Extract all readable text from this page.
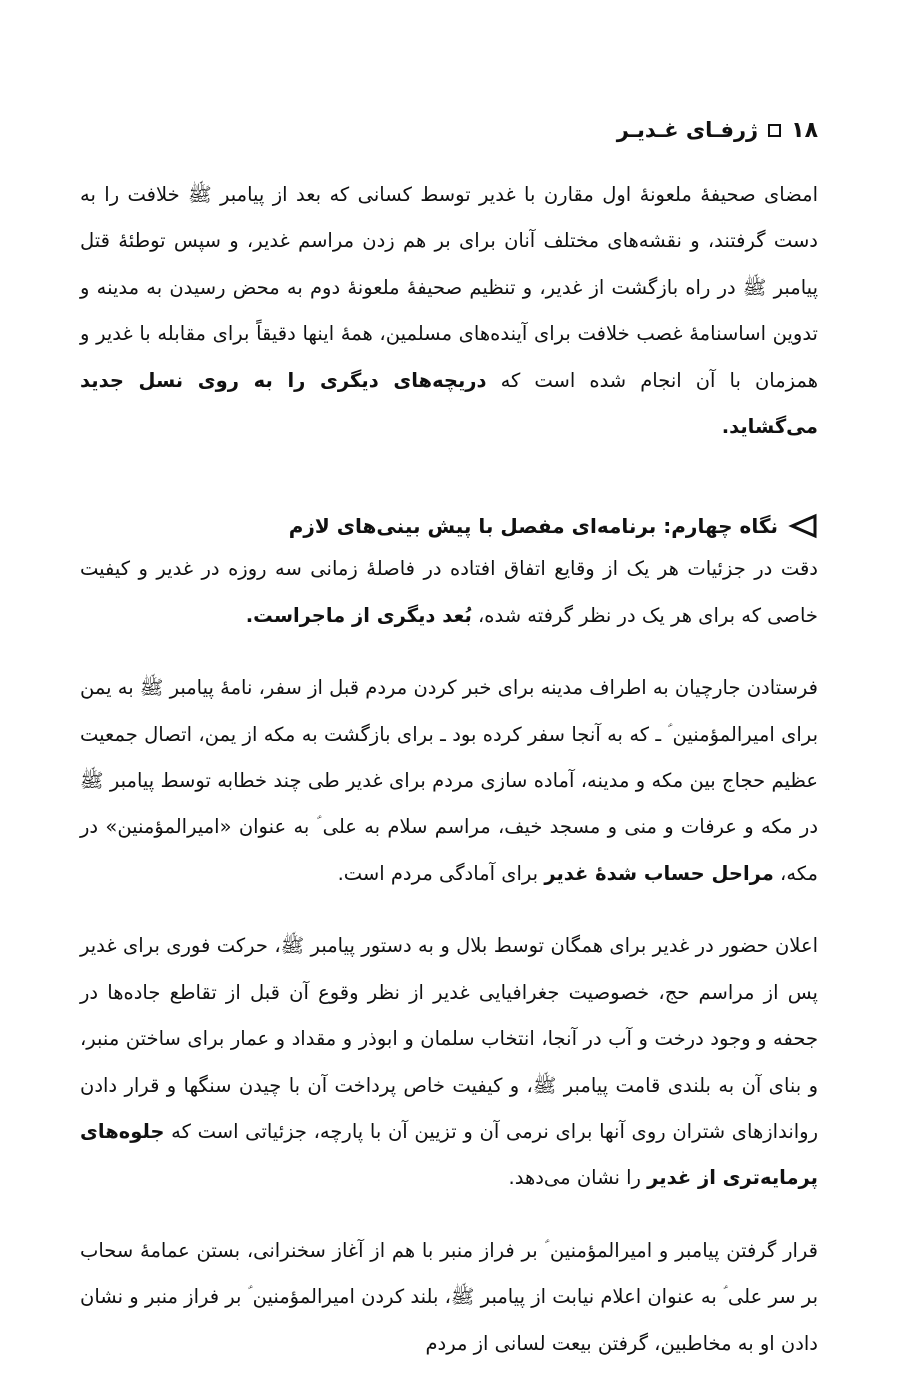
۱۸
ژرفـای غـدیـر

امضای صحیفهٔ ملعونهٔ اول مقارن با غدیر توسط کسانی که بعد از پیامبر ﷺ خلافت را به دست گرفتند، و نقشه‌های مختلف آنان برای بر هم زدن مراسم غدیر، و سپس توطئهٔ قتل پیامبر ﷺ در راه بازگشت از غدیر، و تنظیم صحیفهٔ ملعونهٔ دوم به محض رسیدن به مدینه و تدوین اساسنامهٔ غصب خلافت برای آینده‌های مسلمین، همهٔ اینها دقیقاً برای مقابله با غدیر و همزمان با آن انجام شده است که دریچه‌های دیگری را به روی نسل جدید می‌گشاید.

نگاه چهارم: برنامه‌ای مفصل با پیش بینی‌های لازم

دقت در جزئیات هر یک از وقایع اتفاق افتاده در فاصلهٔ زمانی سه روزه در غدیر و کیفیت خاصی که برای هر یک در نظر گرفته شده، بُعد دیگری از ماجراست.

فرستادن جارچیان به اطراف مدینه برای خبر کردن مردم قبل از سفر، نامهٔ پیامبر ﷺ به یمن برای امیرالمؤمنین ؑ ـ که به آنجا سفر کرده بود ـ برای بازگشت به مکه از یمن، اتصال جمعیت عظیم حجاج بین مکه و مدینه، آماده سازی مردم برای غدیر طی چند خطابه توسط پیامبر ﷺ در مکه و عرفات و منی و مسجد خیف، مراسم سلام به علی ؑ به عنوان «امیرالمؤمنین» در مکه، مراحل حساب شدهٔ غدیر برای آمادگی مردم است.

اعلان حضور در غدیر برای همگان توسط بلال و به دستور پیامبر ﷺ، حرکت فوری برای غدیر پس از مراسم حج، خصوصیت جغرافیایی غدیر از نظر وقوع آن قبل از تقاطع جاده‌ها در جحفه و وجود درخت و آب در آنجا، انتخاب سلمان و ابوذر و مقداد و عمار برای ساختن منبر، و بنای آن به بلندی قامت پیامبر ﷺ، و کیفیت خاص پرداخت آن با چیدن سنگها و قرار دادن روانداز‌های شتران روی آنها برای نرمی آن و تزیین آن با پارچه، جزئیاتی است که جلوه‌های پرمایه‌تری از غدیر را نشان می‌دهد.

قرار گرفتن پیامبر و امیرالمؤمنین ؑ بر فراز منبر با هم از آغاز سخنرانی، بستن عمامهٔ سحاب بر سر علی ؑ به عنوان اعلام نیابت از پیامبر ﷺ، بلند کردن امیرالمؤمنین ؑ بر فراز منبر و نشان دادن او به مخاطبین، گرفتن بیعت لسانی از مردم
